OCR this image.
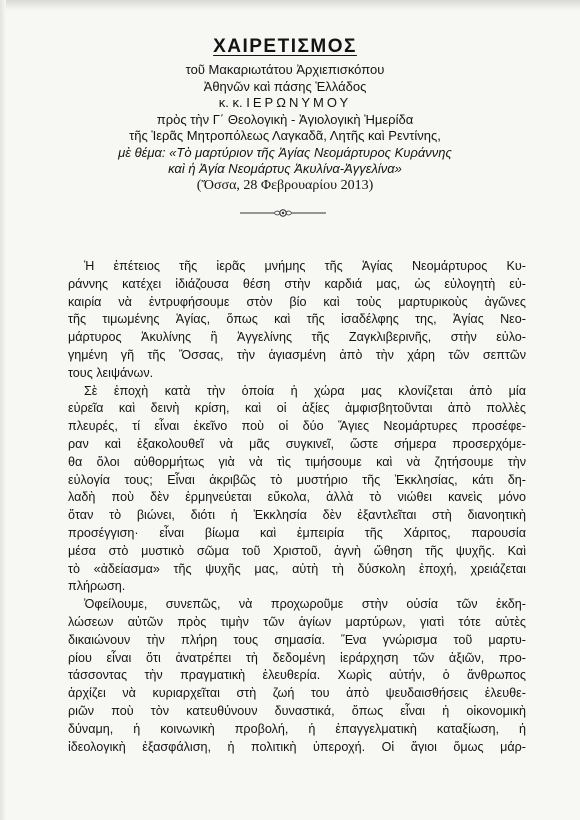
ΧΑΙΡΕΤΙΣΜΟΣ
τοῦ Μακαριωτάτου Ἀρχιεπισκόπου
Ἀθηνῶν καὶ πάσης Ἑλλάδος
κ. κ. ΙΕΡΩΝΥΜΟΥ
πρὸς τὴν Γ΄ Θεολογικὴ - Ἁγιολογικὴ Ἡμερίδα
τῆς Ἱερᾶς Μητροπόλεως Λαγκαδᾶ, Λητῆς καὶ Ρεντίνης,
μὲ θέμα: «Τὸ μαρτύριον τῆς Ἁγίας Νεομάρτυρος Κυράννης
καὶ ἡ Ἁγία Νεομάρτυς Ἀκυλίνα-Ἀγγελίνα»
(Ὄσσα, 28 Φεβρουαρίου 2013)
Ἡ ἐπέτειος τῆς ἱερᾶς μνήμης τῆς Ἁγίας Νεομάρτυρος Κυ-
ράννης κατέχει ἰδιάζουσα θέση στὴν καρδιά μας, ὡς εὐλογητὴ εὐ-
καιρία νὰ ἐντρυφήσουμε στὸν βίο καὶ τοὺς μαρτυρικοὺς ἀγῶνες
τῆς τιμωμένης Ἁγίας, ὅπως καὶ τῆς ἰσαδέλφης της, Ἁγίας Νεο-
μάρτυρος Ἀκυλίνης ἢ Ἀγγελίνης τῆς Ζαγκλιβερινῆς, στὴν εὐλο-
γημένη γῆ τῆς Ὄσσας, τὴν ἁγιασμένη ἀπὸ τὴν χάρη τῶν σεπτῶν
τους λειψάνων.
Σὲ ἐποχὴ κατὰ τὴν ὁποία ἡ χώρα μας κλονίζεται ἀπὸ μία
εὐρεῖα καὶ δεινὴ κρίση, καὶ οἱ ἀξίες ἀμφισβητοῦνται ἀπὸ πολλὲς
πλευρές, τί εἶναι ἐκεῖνο ποὺ οἱ δύο Ἅγιες Νεομάρτυρες προσέφε-
ραν καὶ ἐξακολουθεῖ νὰ μᾶς συγκινεῖ, ὥστε σήμερα προσερχόμε-
θα ὅλοι αὐθορμήτως γιὰ νὰ τὶς τιμήσουμε καὶ νὰ ζητήσουμε τὴν
εὐλογία τους; Εἶναι ἀκριβῶς τὸ μυστήριο τῆς Ἐκκλησίας, κάτι δη-
λαδὴ ποὺ δὲν ἑρμηνεύεται εὔκολα, ἀλλὰ τὸ νιώθει κανεὶς μόνο
ὅταν τὸ βιώνει, διότι ἡ Ἐκκλησία δὲν ἐξαντλεῖται στὴ διανοητικὴ
προσέγγιση· εἶναι βίωμα καὶ ἐμπειρία τῆς Χάριτος, παρουσία
μέσα στὸ μυστικὸ σῶμα τοῦ Χριστοῦ, ἁγνὴ ὤθηση τῆς ψυχῆς. Καὶ
τὸ «ἀδείασμα» τῆς ψυχῆς μας, αὐτὴ τὴ δύσκολη ἐποχή, χρειάζεται
πλήρωση.
Ὀφείλουμε, συνεπῶς, νὰ προχωροῦμε στὴν οὐσία τῶν ἐκδη-
λώσεων αὐτῶν πρὸς τιμὴν τῶν ἁγίων μαρτύρων, γιατὶ τότε αὐτὲς
δικαιώνουν τὴν πλήρη τους σημασία. Ἕνα γνώρισμα τοῦ μαρτυ-
ρίου εἶναι ὅτι ἀνατρέπει τὴ δεδομένη ἱεράρχηση τῶν ἀξιῶν, προ-
τάσσοντας τὴν πραγματικὴ ἐλευθερία. Χωρὶς αὐτήν, ὁ ἄνθρωπος
ἀρχίζει νὰ κυριαρχεῖται στὴ ζωή του ἀπὸ ψευδαισθήσεις ἐλευθε-
ριῶν ποὺ τὸν κατευθύνουν δυναστικά, ὅπως εἶναι ἡ οἰκονομικὴ
δύναμη, ἡ κοινωνικὴ προβολή, ἡ ἐπαγγελματικὴ καταξίωση, ἡ
ἰδεολογικὴ ἐξασφάλιση, ἡ πολιτικὴ ὑπεροχή. Οἱ ἅγιοι ὅμως μάρ-
